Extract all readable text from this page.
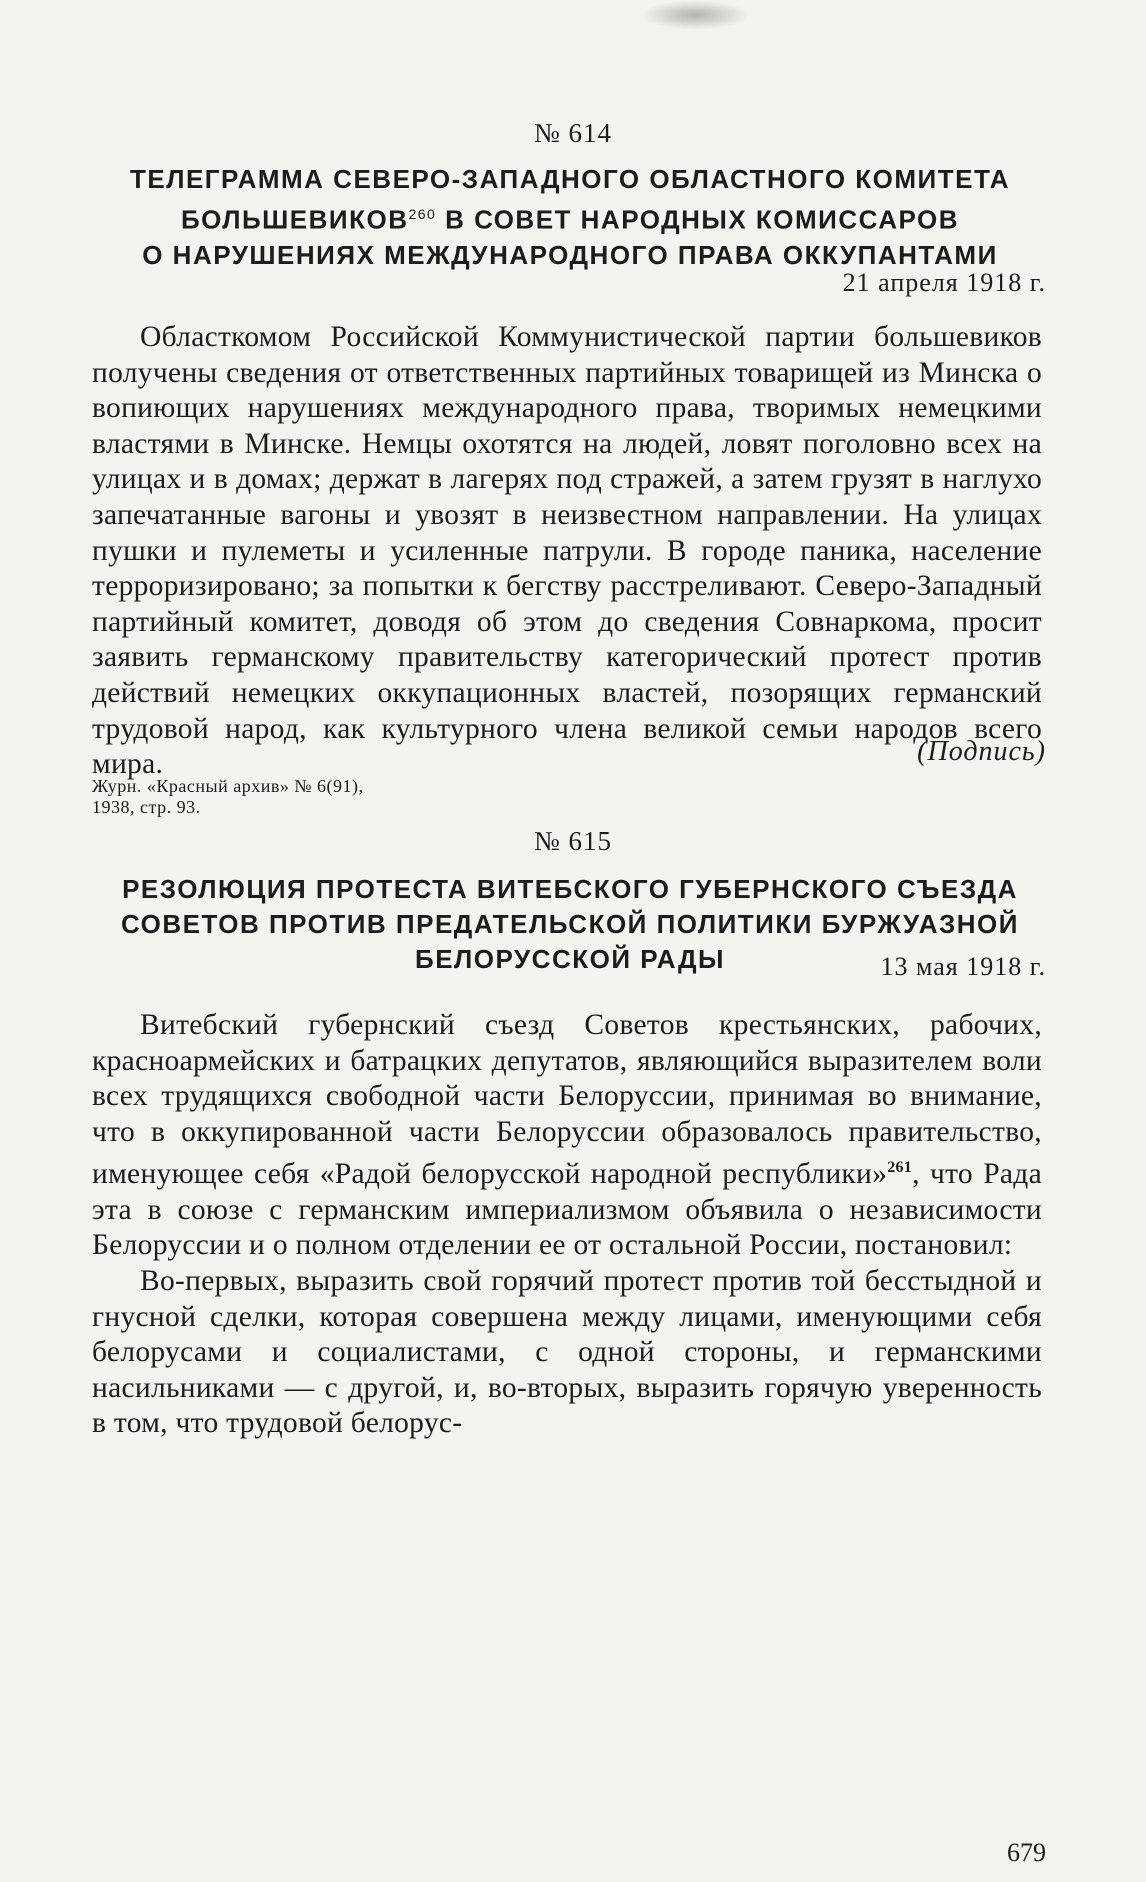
№ 614
ТЕЛЕГРАММА СЕВЕРО-ЗАПАДНОГО ОБЛАСТНОГО КОМИТЕТА
БОЛЬШЕВИКОВ$^{260}$ В СОВЕТ НАРОДНЫХ КОМИССАРОВ
О НАРУШЕНИЯХ МЕЖДУНАРОДНОГО ПРАВА ОККУПАНТАМИ
21 апреля 1918 г.

Областкомом Российской Коммунистической партии большевиков получены сведения от ответственных партийных товарищей из Минска о вопиющих нарушениях международного права, творимых немецкими властями в Минске. Немцы охотятся на людей, ловят поголовно всех на улицах и в домах; держат в лагерях под стражей, а затем грузят в наглухо запечатанные вагоны и увозят в неизвестном направлении. На улицах пушки и пулеметы и усиленные патрули. В городе паника, население терроризировано; за попытки к бегству расстреливают. Северо-Западный партийный комитет, доводя об этом до сведения Совнаркома, просит заявить германскому правительству категорический протест против действий немецких оккупационных властей, позорящих германский трудовой народ, как культурного члена великой семьи народов всего мира.	(Подпись)
Журн. «Красный архив» № 6(91),
1938, стр. 93.
№ 615
РЕЗОЛЮЦИЯ ПРОТЕСТА ВИТЕБСКОГО ГУБЕРНСКОГО СЪЕЗДА
СОВЕТОВ ПРОТИВ ПРЕДАТЕЛЬСКОЙ ПОЛИТИКИ БУРЖУАЗНОЙ
БЕЛОРУССКОЙ РАДЫ	13 мая 1918 г.

Витебский губернский съезд Советов крестьянских, рабочих, красноармейских и батрацких депутатов, являющийся выразителем воли всех трудящихся свободной части Белоруссии, принимая во внимание, что в оккупированной части Белоруссии образовалось правительство, именующее себя «Радой белорусской народной республики»$^{261}$, что Рада эта в союзе с германским империализмом объявила о независимости Белоруссии и о полном отделении ее от остальной России, постановил:

Во-первых, выразить свой горячий протест против той бесстыдной и гнусной сделки, которая совершена между лицами, именующими себя белорусами и социалистами, с одной стороны, и германскими насильниками — с другой, и, во-вторых, выразить горячую уверенность в том, что трудовой белорус-

679
